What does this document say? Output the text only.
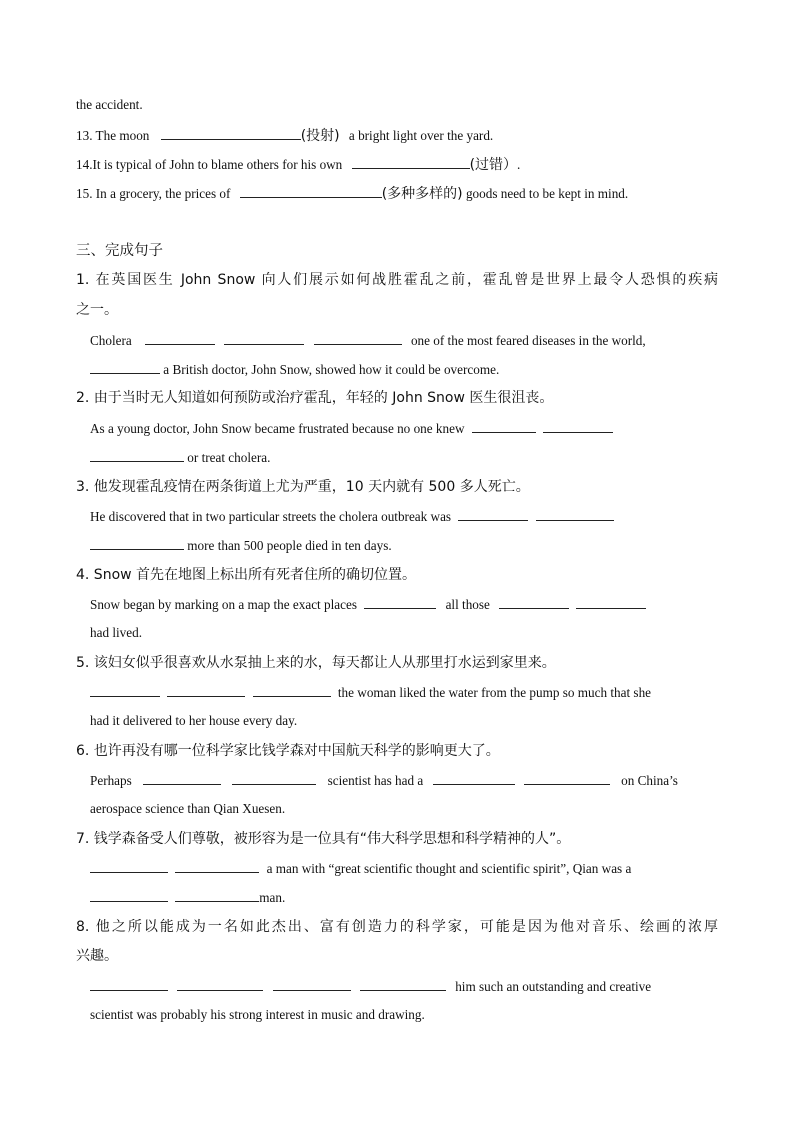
the accident.
13. The moon	(投射) a bright light over the yard.
14.It is typical of John to blame others for his own	(过错）.
15. In a grocery, the prices of	(多种多样的) goods need to be kept in mind.
三、完成句子
1. 在英国医生 John Snow 向人们展示如何战胜霍乱之前，霍乱曾是世界上最令人恐惧的疾病
之一。
Cholera	one of the most feared diseases in the world,
a British doctor, John Snow, showed how it could be overcome.
2. 由于当时无人知道如何预防或治疗霍乱，年轻的 John Snow 医生很沮丧。
As a young doctor, John Snow became frustrated because no one knew
or treat cholera.
3. 他发现霍乱疫情在两条街道上尤为严重，10 天内就有 500 多人死亡。
He discovered that in two particular streets the cholera outbreak was
more than 500 people died in ten days.
4. Snow 首先在地图上标出所有死者住所的确切位置。
Snow began by marking on a map the exact places	all those
had lived.
5. 该妇女似乎很喜欢从水泵抽上来的水，每天都让人从那里打水运到家里来。
the woman liked the water from the pump so much that she
had it delivered to her house every day.
6. 也许再没有哪一位科学家比钱学森对中国航天科学的影响更大了。
Perhaps	scientist has had a	on China’s
aerospace science than Qian Xuesen.
7. 钱学森备受人们尊敬，被形容为是一位具有“伟大科学思想和科学精神的人”。
a man with “great scientific thought and scientific spirit”, Qian was a
man.
8. 他之所以能成为一名如此杰出、富有创造力的科学家，可能是因为他对音乐、绘画的浓厚
兴趣。
him such an outstanding and creative
scientist was probably his strong interest in music and drawing.
